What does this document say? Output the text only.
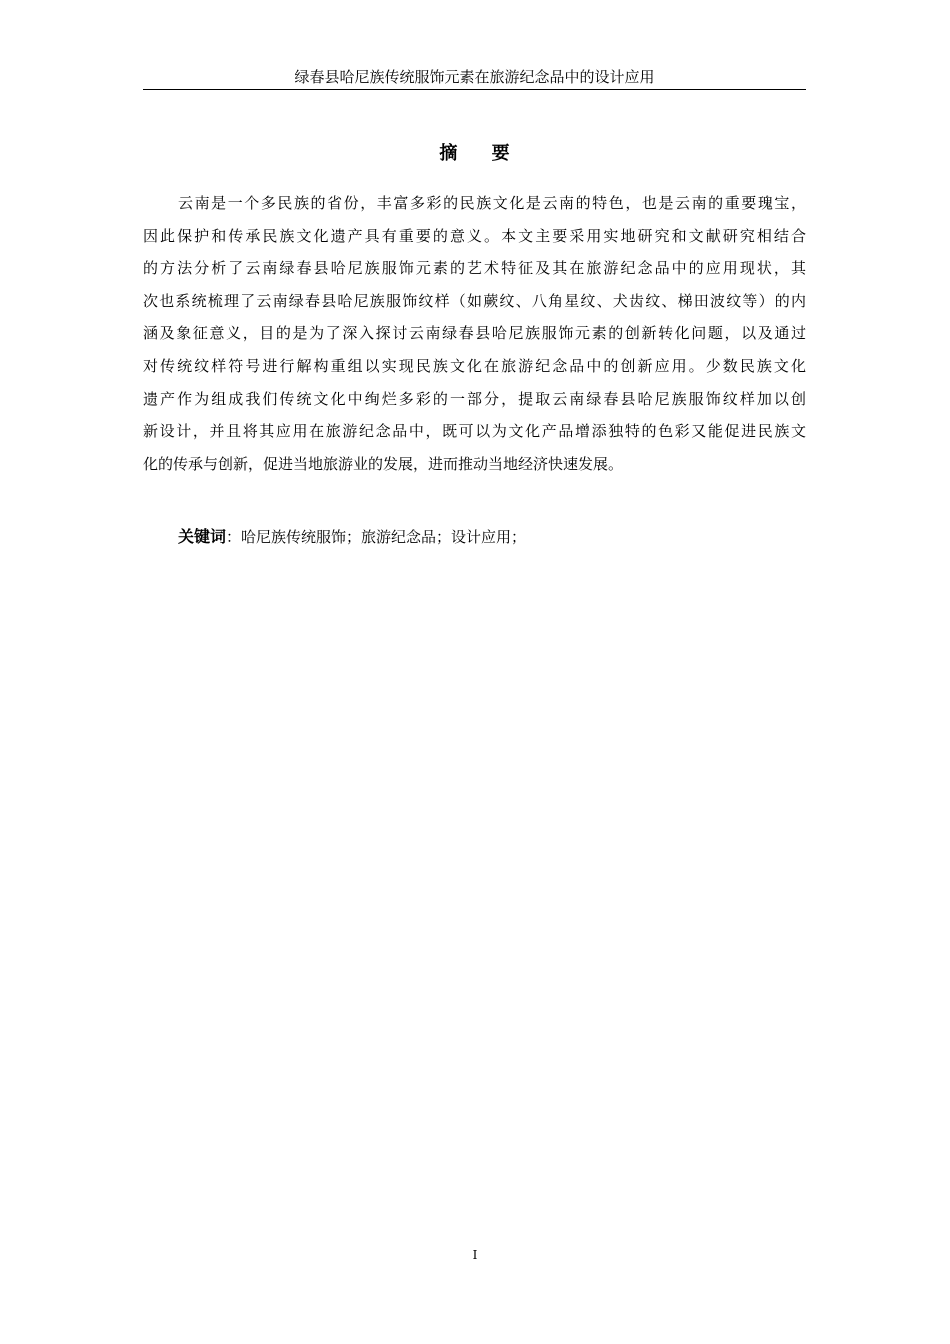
绿春县哈尼族传统服饰元素在旅游纪念品中的设计应用
摘 要
云南是一个多民族的省份，丰富多彩的民族文化是云南的特色，也是云南的重要瑰宝，
因此保护和传承民族文化遗产具有重要的意义。本文主要采用实地研究和文献研究相结合
的方法分析了云南绿春县哈尼族服饰元素的艺术特征及其在旅游纪念品中的应用现状，其
次也系统梳理了云南绿春县哈尼族服饰纹样（如蕨纹、八角星纹、犬齿纹、梯田波纹等）的内
涵及象征意义，目的是为了深入探讨云南绿春县哈尼族服饰元素的创新转化问题，以及通过
对传统纹样符号进行解构重组以实现民族文化在旅游纪念品中的创新应用。少数民族文化
遗产作为组成我们传统文化中绚烂多彩的一部分，提取云南绿春县哈尼族服饰纹样加以创
新设计，并且将其应用在旅游纪念品中，既可以为文化产品增添独特的色彩又能促进民族文
化的传承与创新，促进当地旅游业的发展，进而推动当地经济快速发展。
关键词：哈尼族传统服饰；旅游纪念品；设计应用；
I
